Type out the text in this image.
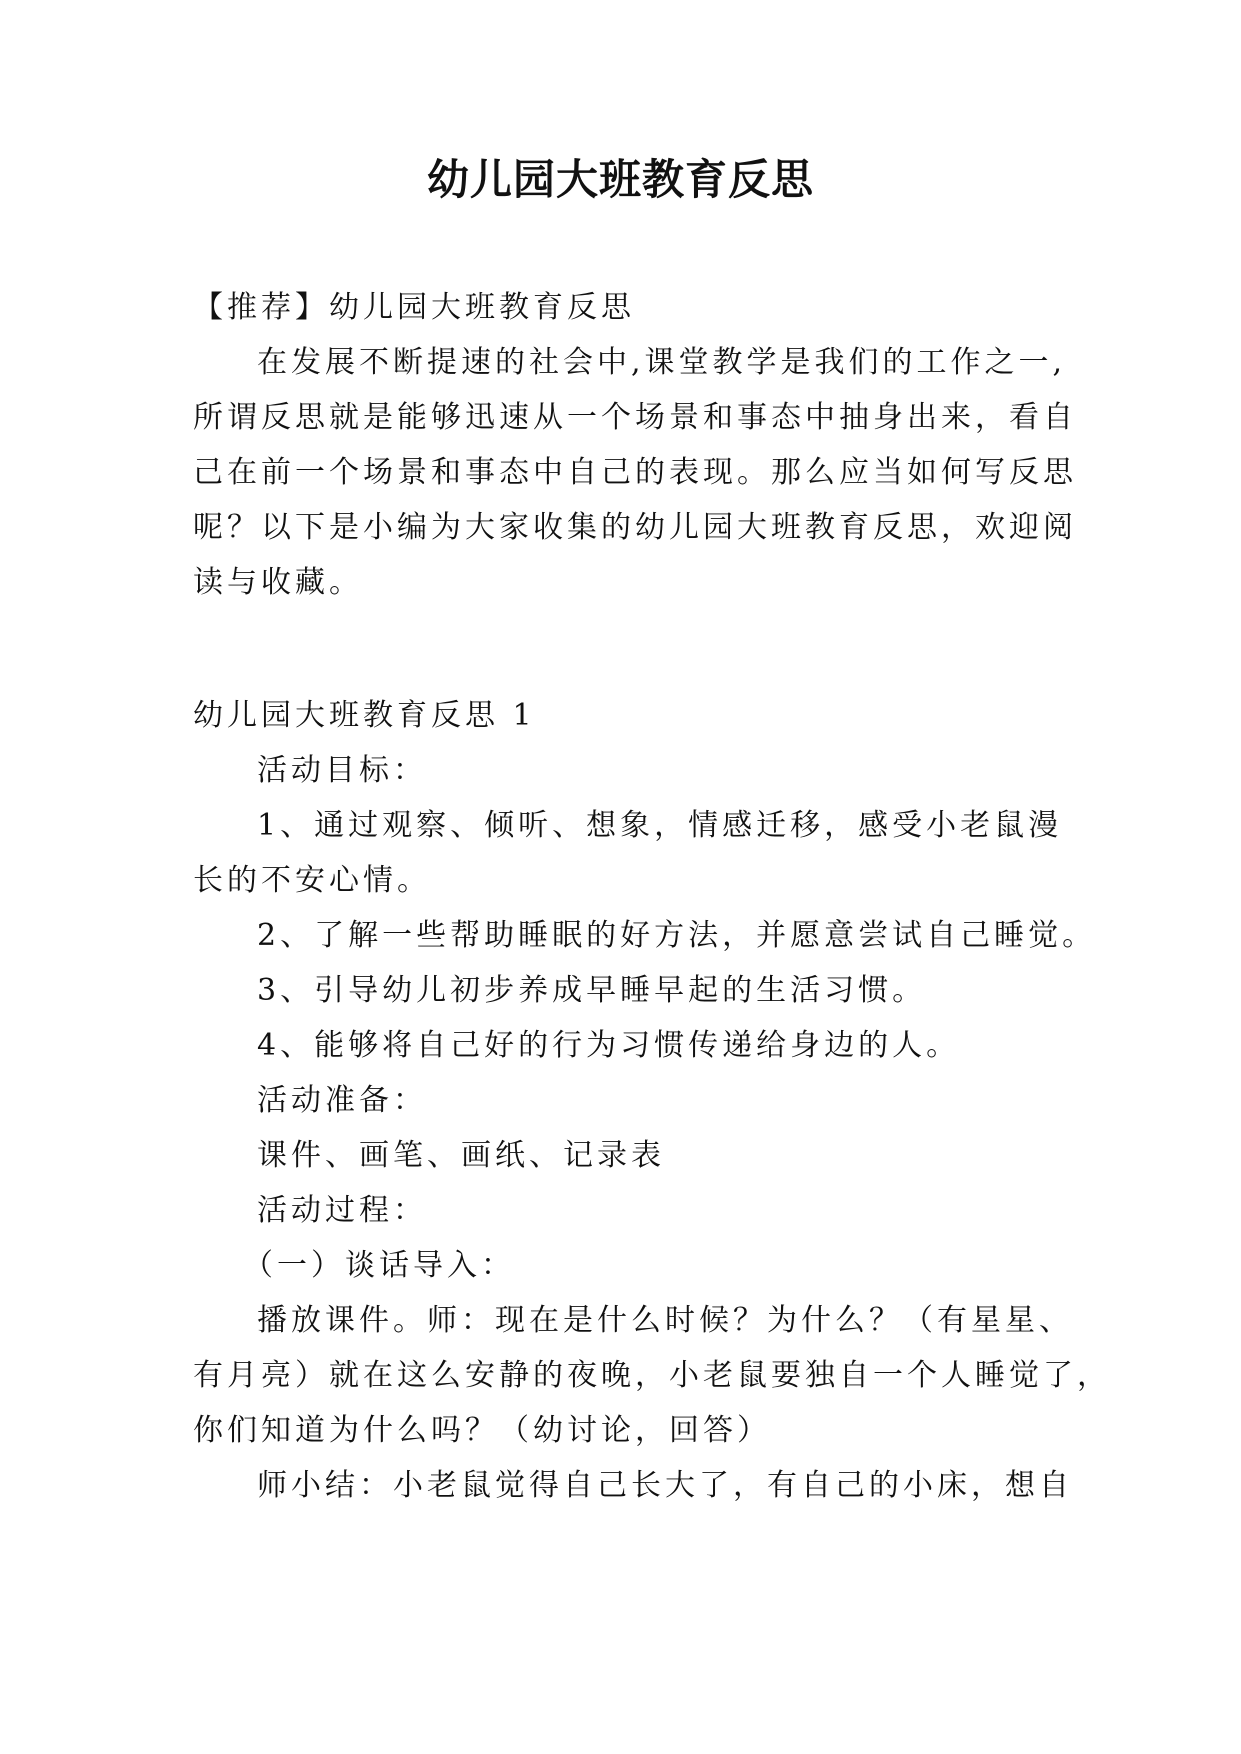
幼儿园大班教育反思
【推荐】幼儿园大班教育反思
在发展不断提速的社会中,课堂教学是我们的工作之一,
所谓反思就是能够迅速从一个场景和事态中抽身出来，看自
己在前一个场景和事态中自己的表现。那么应当如何写反思
呢？以下是小编为大家收集的幼儿园大班教育反思，欢迎阅
读与收藏。
幼儿园大班教育反思 1
活动目标：
1、通过观察、倾听、想象，情感迁移，感受小老鼠漫
长的不安心情。
2、了解一些帮助睡眠的好方法，并愿意尝试自己睡觉。
3、引导幼儿初步养成早睡早起的生活习惯。
4、能够将自己好的行为习惯传递给身边的人。
活动准备：
课件、画笔、画纸、记录表
活动过程：
（一）谈话导入：
播放课件。师：现在是什么时候？为什么？（有星星、
有月亮）就在这么安静的夜晚，小老鼠要独自一个人睡觉了，
你们知道为什么吗？（幼讨论，回答）
师小结：小老鼠觉得自己长大了，有自己的小床，想自
